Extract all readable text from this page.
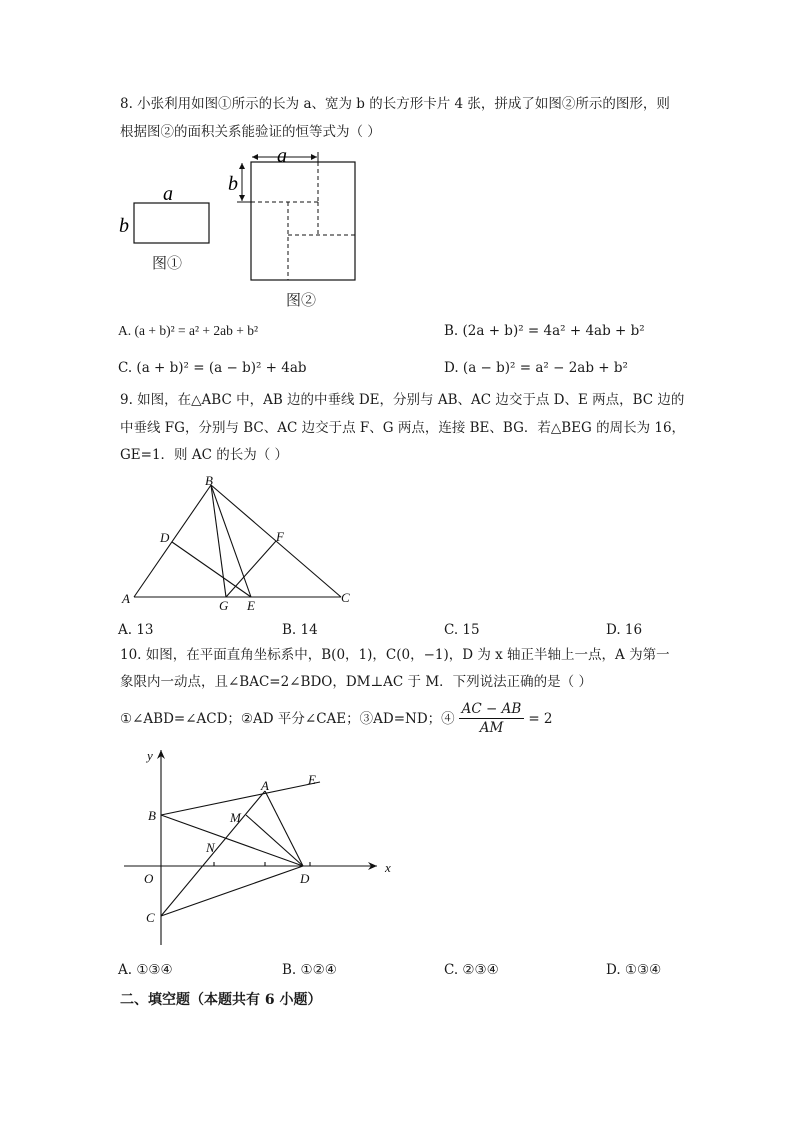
8. 小张利用如图①所示的长为 a、宽为 b 的长方形卡片 4 张，拼成了如图②所示的图形，则
根据图②的面积关系能验证的恒等式为（ ）
a
b
图①
a
b
图②
A. (a + b)² = a² + 2ab + b²	B. (2a + b)² = 4a² + 4ab + b²
C. (a + b)² = (a − b)² + 4ab	D. (a − b)² = a² − 2ab + b²
9. 如图，在△ABC 中，AB 边的中垂线 DE，分别与 AB、AC 边交于点 D、E 两点，BC 边的
中垂线 FG，分别与 BC、AC 边交于点 F、G 两点，连接 BE、BG．若△BEG 的周长为 16，
GE=1．则 AC 的长为（ ）
B
D	F
A	G E
C
A. 13	B. 14	C. 15	D. 16
10. 如图，在平面直角坐标系中，B(0，1)，C(0，−1)，D 为 x 轴正半轴上一点，A 为第一
象限内一动点，且∠BAC=2∠BDO，DM⊥AC 于 M．下列说法正确的是（ ）
①∠ABD=∠ACD；②AD 平分∠CAE；③AD=ND；④ $\frac{AC - AB}{AM} = 2$
y
x
O
B
C
D
A	E
M
N
A. ①③④	B. ①②④	C. ②③④	D. ①③④
二、填空题（本题共有 6 小题）
